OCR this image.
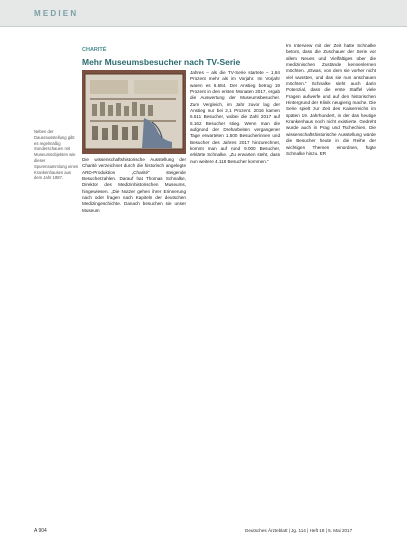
MEDIEN
CHARITÉ
Mehr Museumsbesucher nach TV-Serie
Neben der Dauerausstellung gibt es regelmäßig Sonderschauen mit Museumsobjekten wie dieser Spurensammlung eines Krankenhauses aus dem Jahr 1887.

Die wissenschaftshistorische Ausstellung der Charité verzeichnet durch die historisch angelegte ARD-Produktion „Charité“ steigende Besucherzahlen. Darauf hat Thomas Schnalke, Direktor des Medizinhistorischen Museums, hingewiesen. „Die Nutzer gehen ihrer Erinnerung nach oder fragen nach Kapiteln der deutschen Medizingeschichte. Danach besuchen sie unser Museum

Jahres – als die TV-Serie startete – 1,84 Prozent mehr als im Vorjahr. Im Vorjahr waren es 6.584. Der Anstieg betrug 19 Prozent in den ersten Monaten 2017, ergab die Auswertung der Museumsbesucher. Zum Vergleich, im Jahr zuvor lag der Anstieg nur bei 2,1 Prozent. 2016 kamen 6.511 Besucher, wobei die Zahl 2017 auf 5.162 Besucher stieg. Wenn man die aufgrund der Dreharbeiten vergangener Tage erwarteten 1.500 Besucherinnen und Besucher des Jahres 2017 hinzurechnet, kommt man auf rund 9.000 Besucher, erklärte Schnalke. „Zu erwarten steht, dass nun weitere 4.118 Besucher kommen.“

Im Interview mit der Zeit hatte Schnalke betont, dass die Zuschauer der Serie vor allem Neues und Vielfältiges über die medizinischen Zustände kennenlernen möchten. „Etwas, von dem sie vorher nicht viel wussten, und das sie nun anschauen möchten.“ Schnalke sieht auch darin Potenzial, dass die erste Staffel viele Fragen aufwerfe und auf den historischen Hintergrund der Klinik neugierig mache. Die Serie spielt zur Zeit des Kaiserreichs im späten 19. Jahrhundert, in der das heutige Krankenhaus noch nicht existierte. Gedreht wurde auch in Prag und Tschechien. Die wissenschaftshistorische Ausstellung würde die Besucher heute in die Reihe der wichtigen Themen einordnen, fügte Schnalke hinzu. ER

A 904	Deutsches Ärzteblatt | Jg. 114 | Heft 18 | 5. Mai 2017
